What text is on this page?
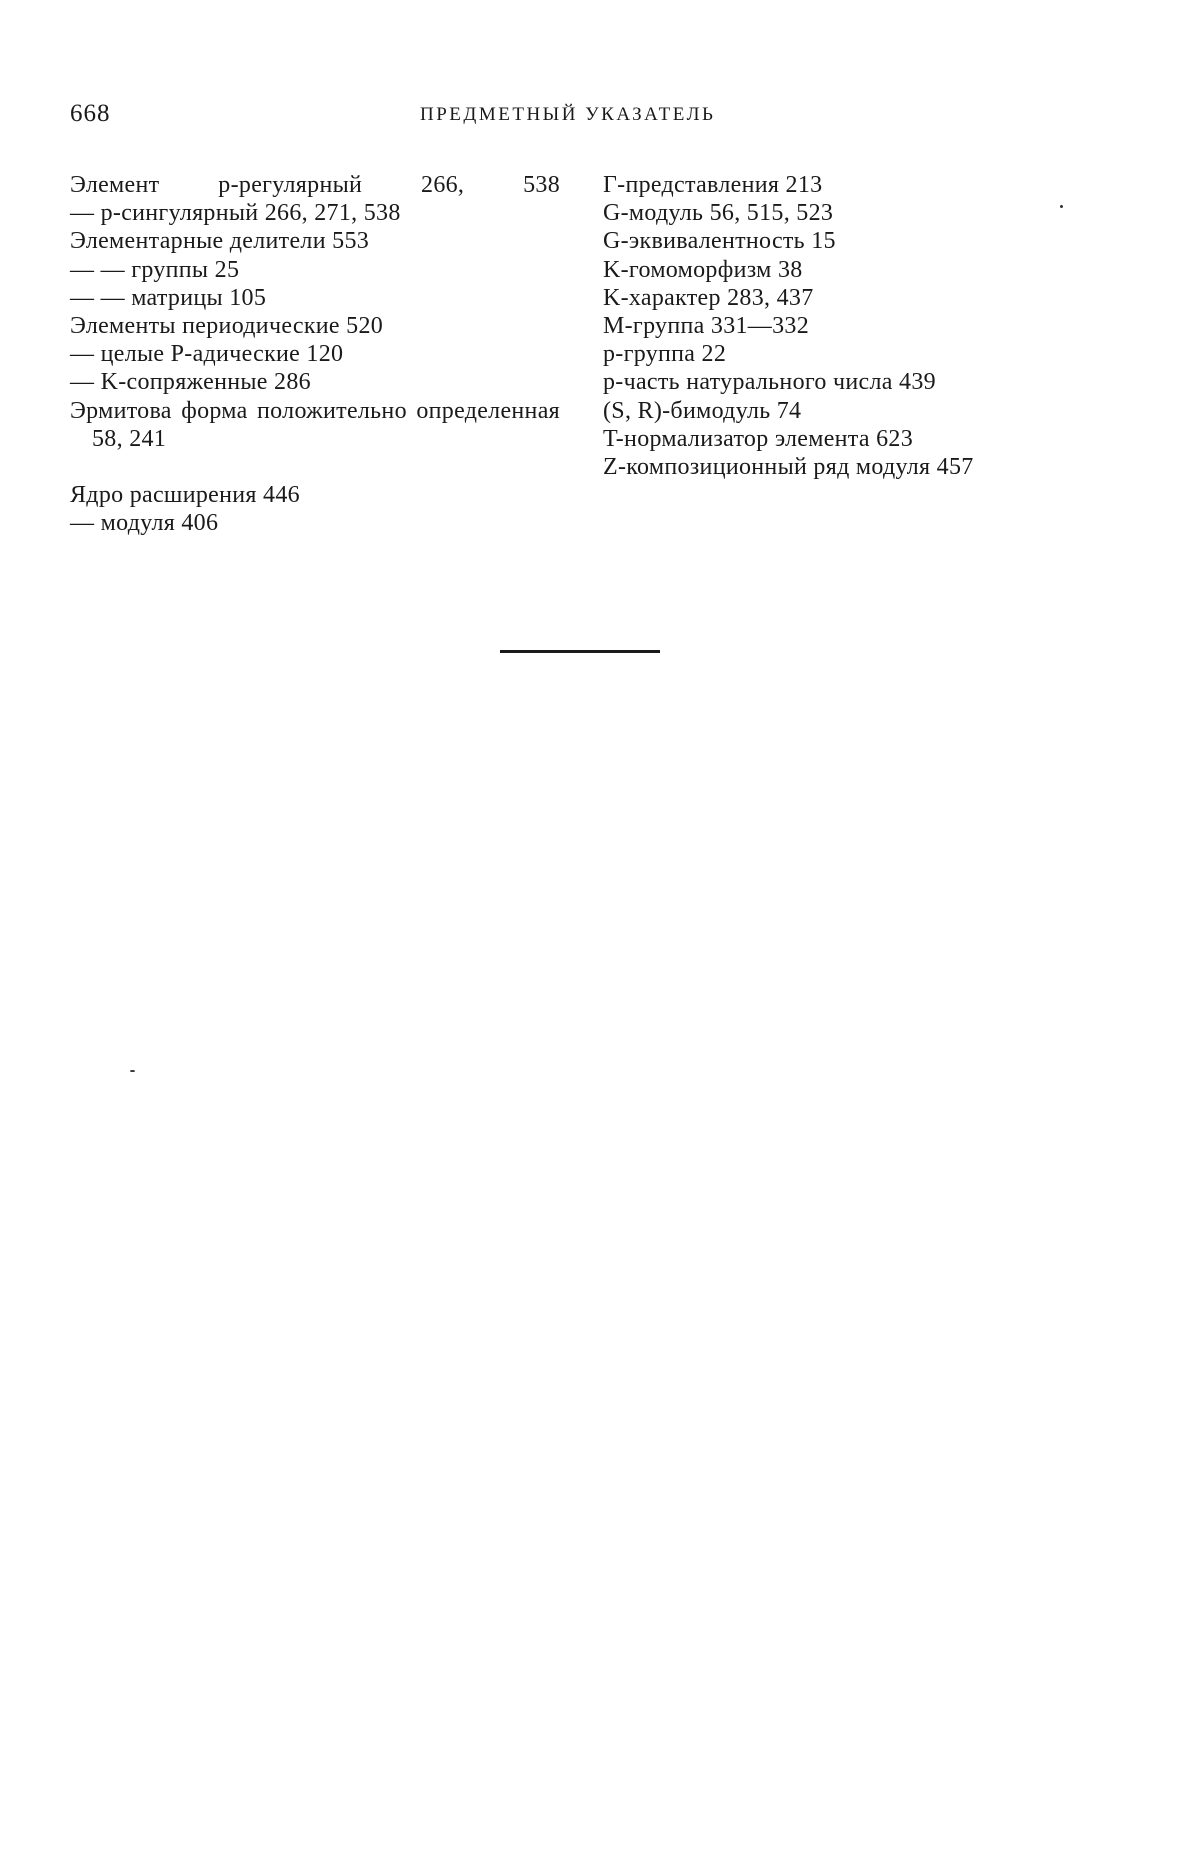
668	ПРЕДМЕТНЫЙ УКАЗАТЕЛЬ
Элемент p-регулярный 266, 538
— p-сингулярный 266, 271, 538
Элементарные делители 553
— — группы 25
— — матрицы 105
Элементы периодические 520
— целые P-адические 120
— K-сопряженные 286
Эрмитова форма положительно определенная 58, 241
Ядро расширения 446
— модуля 406
Γ-представления 213
G-модуль 56, 515, 523
G-эквивалентность 15
K-гомоморфизм 38
K-характер 283, 437
M-группа 331—332
p-группа 22
p-часть натурального числа 439
(S, R)-бимодуль 74
T-нормализатор элемента 623
Z-композиционный ряд модуля 457
